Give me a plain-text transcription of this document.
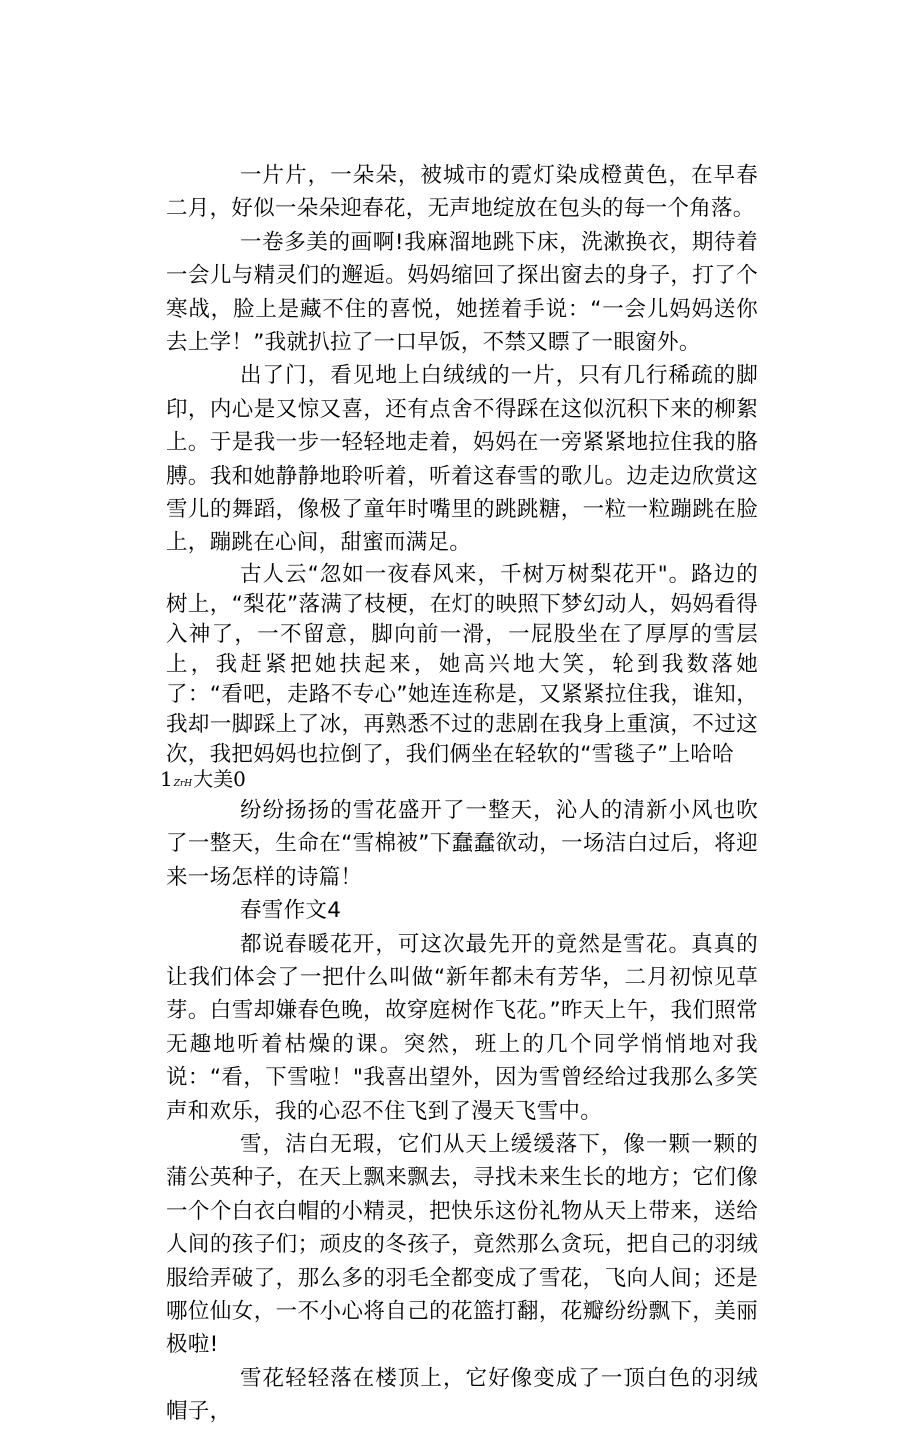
一片片，一朵朵，被城市的霓灯染成橙黄色，在早春二月，好似一朵朵迎春花，无声地绽放在包头的每一个角落。

一卷多美的画啊!我麻溜地跳下床，洗漱换衣，期待着一会儿与精灵们的邂逅。妈妈缩回了探出窗去的身子，打了个寒战，脸上是藏不住的喜悦，她搓着手说：“一会儿妈妈送你去上学！”我就扒拉了一口早饭，不禁又瞟了一眼窗外。

出了门，看见地上白绒绒的一片，只有几行稀疏的脚印，内心是又惊又喜，还有点舍不得踩在这似沉积下来的柳絮上。于是我一步一轻轻地走着，妈妈在一旁紧紧地拉住我的胳膊。我和她静静地聆听着，听着这春雪的歌儿。边走边欣赏这雪儿的舞蹈，像极了童年时嘴里的跳跳糖，一粒一粒蹦跳在脸上，蹦跳在心间，甜蜜而满足。

古人云“忽如一夜春风来，千树万树梨花开"。路边的树上，“梨花”落满了枝梗，在灯的映照下梦幻动人，妈妈看得入神了，一不留意，脚向前一滑，一屁股坐在了厚厚的雪层上，我赶紧把她扶起来，她高兴地大笑，轮到我数落她了：“看吧，走路不专心”她连连称是，又紧紧拉住我，谁知，我却一脚踩上了冰，再熟悉不过的悲剧在我身上重演，不过这次，我把妈妈也拉倒了，我们俩坐在轻软的“雪毯子”上哈哈

1ZrH大美0

纷纷扬扬的雪花盛开了一整天，沁人的清新小风也吹了一整天，生命在“雪棉被”下蠢蠢欲动，一场洁白过后，将迎来一场怎样的诗篇！

春雪作文4

都说春暖花开，可这次最先开的竟然是雪花。真真的让我们体会了一把什么叫做“新年都未有芳华，二月初惊见草芽。白雪却嫌春色晚，故穿庭树作飞花。”昨天上午，我们照常无趣地听着枯燥的课。突然，班上的几个同学悄悄地对我说：“看，下雪啦！"我喜出望外，因为雪曾经给过我那么多笑声和欢乐，我的心忍不住飞到了漫天飞雪中。

雪，洁白无瑕，它们从天上缓缓落下，像一颗一颗的蒲公英种子，在天上飘来飘去，寻找未来生长的地方；它们像一个个白衣白帽的小精灵，把快乐这份礼物从天上带来，送给人间的孩子们；顽皮的冬孩子，竟然那么贪玩，把自己的羽绒服给弄破了，那么多的羽毛全都变成了雪花，飞向人间；还是哪位仙女，一不小心将自己的花篮打翻，花瓣纷纷飘下，美丽极啦!

雪花轻轻落在楼顶上，它好像变成了一顶白色的羽绒帽子，
